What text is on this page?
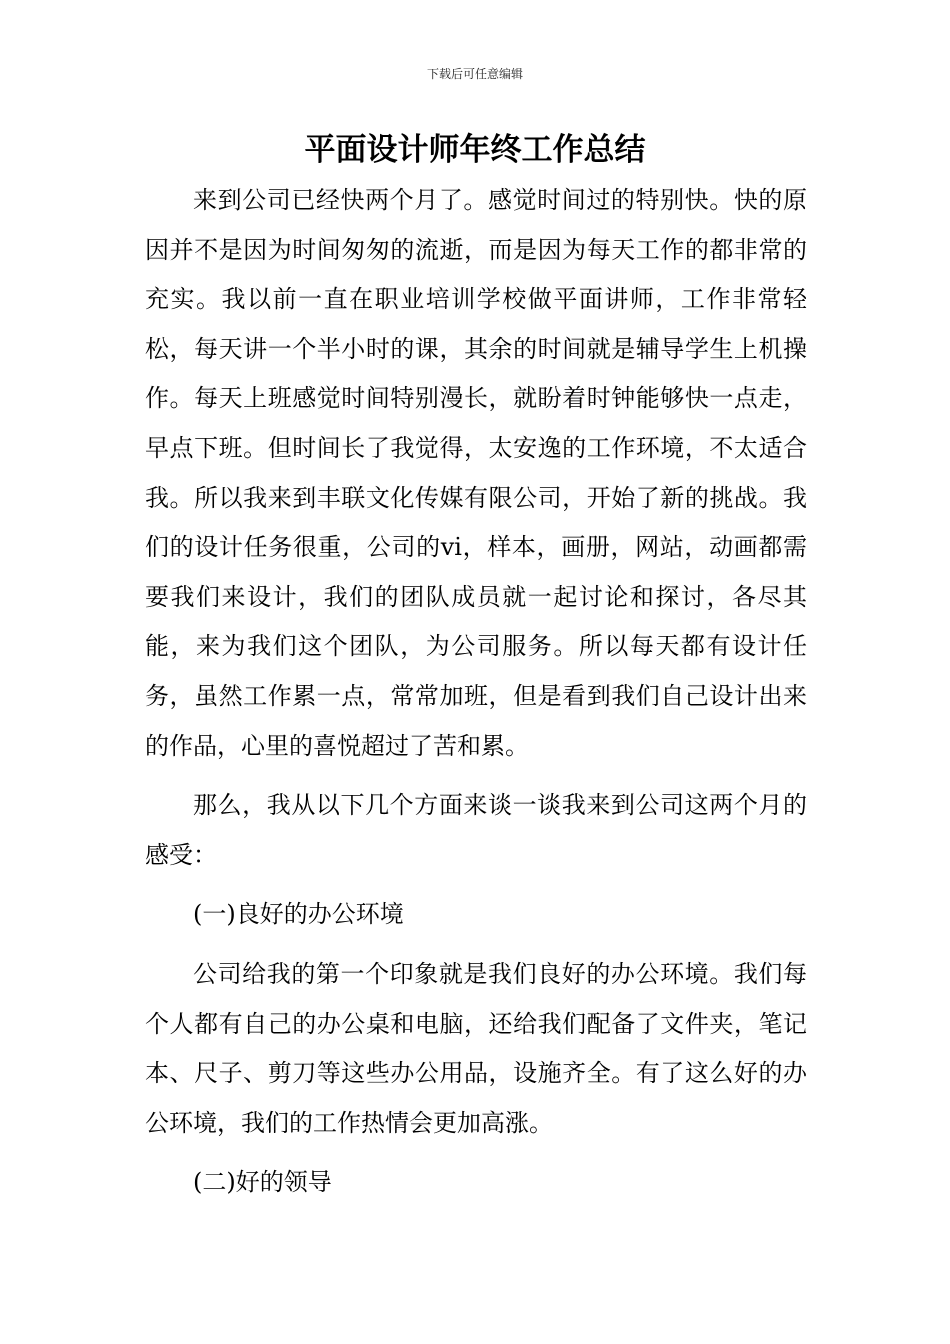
下载后可任意编辑
平面设计师年终工作总结

来到公司已经快两个月了。感觉时间过的特别快。快的原因并不是因为时间匆匆的流逝，而是因为每天工作的都非常的充实。我以前一直在职业培训学校做平面讲师，工作非常轻松，每天讲一个半小时的课，其余的时间就是辅导学生上机操作。每天上班感觉时间特别漫长，就盼着时钟能够快一点走，早点下班。但时间长了我觉得，太安逸的工作环境，不太适合我。所以我来到丰联文化传媒有限公司，开始了新的挑战。我们的设计任务很重，公司的vi，样本，画册，网站，动画都需要我们来设计，我们的团队成员就一起讨论和探讨，各尽其能，来为我们这个团队，为公司服务。所以每天都有设计任务，虽然工作累一点，常常加班，但是看到我们自己设计出来的作品，心里的喜悦超过了苦和累。

那么，我从以下几个方面来谈一谈我来到公司这两个月的感受：

(一)良好的办公环境

公司给我的第一个印象就是我们良好的办公环境。我们每个人都有自己的办公桌和电脑，还给我们配备了文件夹，笔记本、尺子、剪刀等这些办公用品，设施齐全。有了这么好的办公环境，我们的工作热情会更加高涨。

(二)好的领导
